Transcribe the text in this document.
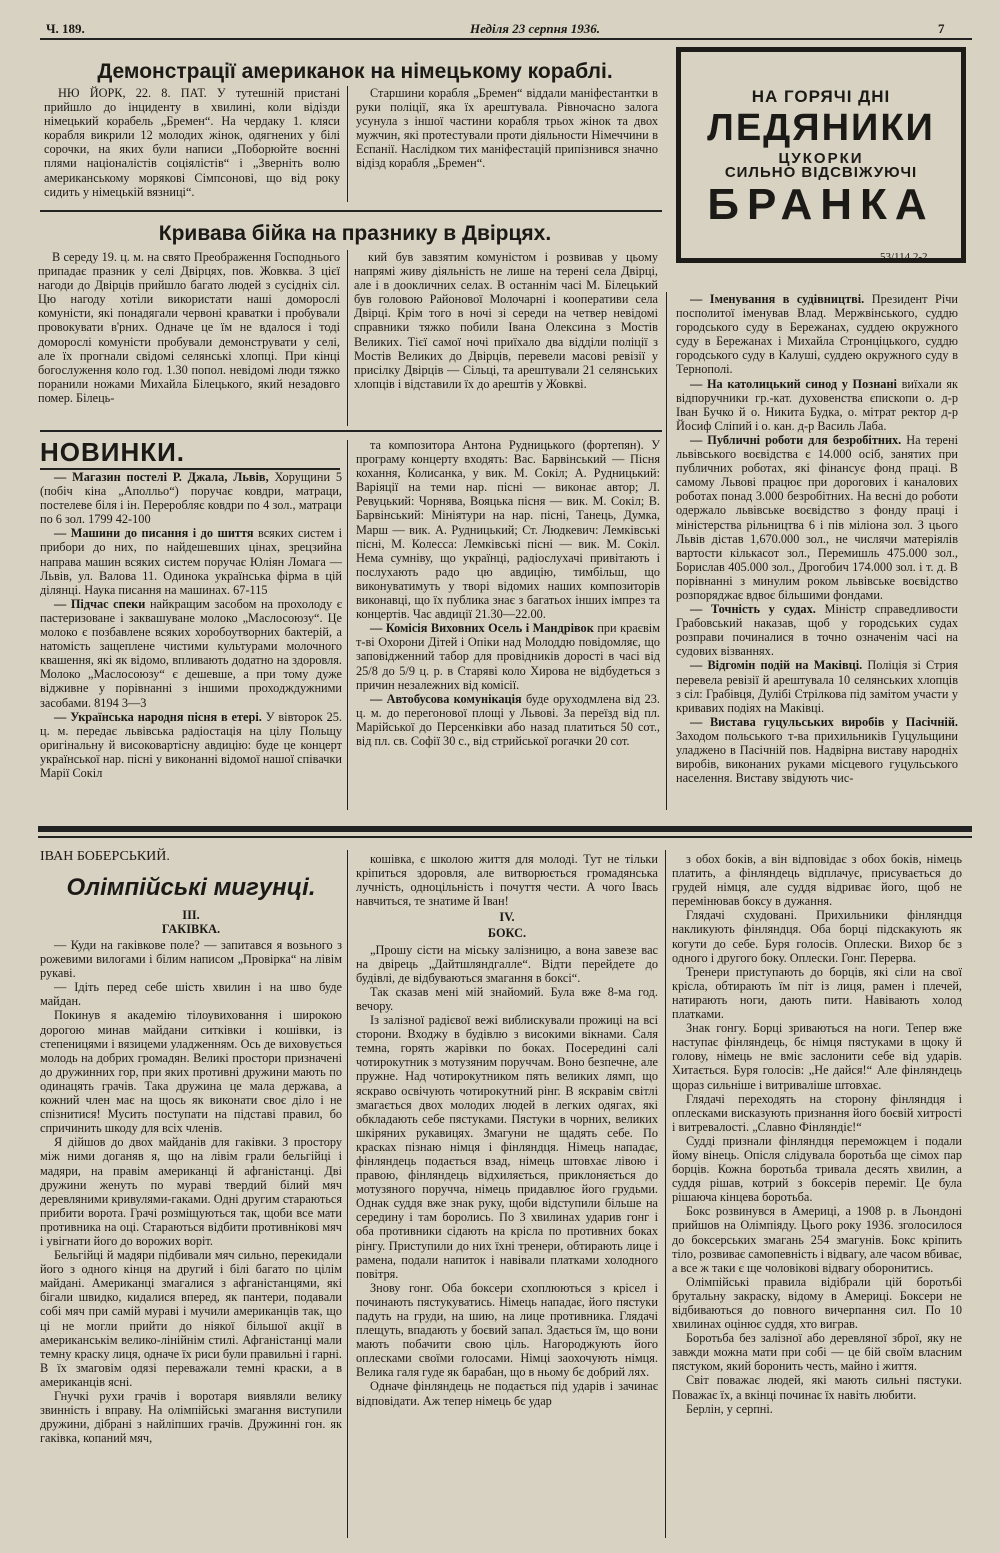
Ч. 189.	Неділя 23 серпня 1936.	7
Демонстрації американок на німецькому кораблі.

НЮ ЙОРК, 22. 8. ПАТ. У тутешній пристані прийшло до інциденту в хвилині, коли відізди німецький корабель „Бремен“. На чердаку 1. кляси корабля викрили 12 молодих жінок, одягнених у білі сорочки, на яких були написи „Поборюйте воєнні плями націоналістів соціялістів“ і „Зверніть волю американському морякові Сімпсонові, що від року сидить у німецькій вязниці“.

Старшини корабля „Бремен“ віддали маніфестантки в руки поліції, яка їх арештувала. Рівночасно залога усунула з іншої частини корабля трьох жінок та двох мужчин, які протестували проти діяльности Німеччини в Еспанії. Наслідком тих маніфестацій припізнився значно відізд корабля „Бремен“.

Кривава бійка на празнику в Двірцях.

В середу 19. ц. м. на свято Преображення Господнього припадає празник у селі Двірцях, пов. Жовква. З цієї нагоди до Двірців прийшло багато людей з сусідніх сіл. Цю нагоду хотіли використати наші доморослі комуністи, які понадягали червоні краватки і пробували провокувати в'рних. Одначе це їм не вдалося і тоді доморослі комуністи пробували демонструвати у селі, але їх прогнали свідомі селянські хлопці. При кінці богослуження коло год. 1.30 попол. невідомі люди тяжко поранили ножами Михайла Білецького, який незадовго помер. Білець-

кий був завзятим комуністом і розвивав у цьому напрямі живу діяльність не лише на терені села Двірці, але і в доокличних селах. В останнім часі М. Білецький був головою Районової Молочарні і кооперативи села Двірці. Крім того в ночі зі середи на четвер невідомі справники тяжко побили Івана Олексина з Мостів Великих. Тієї самої ночі приїхало два відділи поліції з Мостів Великих до Двірців, перевели масові ревізії у присілку Двірців — Сільці, та арештували 21 селянських хлопців і відставили їх до арештів у Жовкві.

НА ГОРЯЧІ ДНІ
ЛЕДЯНИКИ
ЦУКОРКИ
СИЛЬНО ВІДСВІЖУЮЧІ
БРАНКА
53/114 2-2

— Іменування в судівництві. Президент Річи посполитої іменував Влад. Мержвінського, суддю городського суду в Бережанах, суддею окружного суду в Бережанах і Михайла Стронціцького, суддю городського суду в Калуші, суддею окружного суду в Тернополі.

— На католицький синод у Познані виїхали як відпоручники гр.-кат. духовенства єпископи о. д-р Іван Бучко й о. Никита Будка, о. мітрат ректор д-р Йосиф Сліпий і о. кан. д-р Василь Лаба.

— Публичні роботи для безробітних. На терені львівського воєвідства є 14.000 осіб, занятих при публичних роботах, які фінансує фонд праці. В самому Львові працює при дорогових і каналових роботах понад 3.000 безробітних. На весні до роботи одержало львівське воєвідство з фонду праці і міністерства рільництва 6 і пів міліона зол. З цього Львів дістав 1,670.000 зол., не числячи матеріялів вартости кількасот зол., Перемишль 475.000 зол., Борислав 405.000 зол., Дрогобич 174.000 зол. і т. д. В порівнанні з минулим роком львівське воєвідство розпоряджає вдвоє більшими фондами.

— Точність у судах. Міністр справедливости Грабовський наказав, щоб у городських судах розправи починалися в точно означенім часі на судових візваннях.

— Відгомін подій на Маківці. Поліція зі Стрия перевела ревізії й арештувала 10 селянських хлопців з сіл: Грабівця, Дулібі Стрілкова під замітом участи у кривавих подіях на Маківці.

— Вистава гуцульських виробів у Пасічній. Заходом польського т-ва прихильників Гуцульщини уладжено в Пасічній пов. Надвірна виставу народніх виробів, виконаних руками місцевого гуцульського населення. Виставу звідують чис-

НОВИНКИ.

— Магазин постелі Р. Джала, Львів, Хорущини 5 (побіч кіна „Аполльо“) поручає ковдри, матраци, постелеве біля і ін. Переробляє ковдри по 4 зол., матраци по 6 зол. 1799 42-100

— Машини до писання і до шиття всяких систем і прибори до них, по найдешевших цінах, зрецзийна направа машин всяких систем поручає Юліян Ломага — Львів, ул. Валова 11. Одинока українська фірма в цій ділянці. Наука писання на машинах. 67-115

— Підчас спеки найкращим засобом на прохолоду є пастеризоване і заквашуване молоко „Маслосоюзу“. Це молоко є позбавлене всяких хоробоутворних бактерій, а натомість защеплене чистими культурами молочного квашення, які як відомо, впливають додатно на здоровля. Молоко „Маслосоюзу“ є дешевше, а при тому дуже відживне у порівнанні з іншими проходждужними засобами. 8194 3—3

— Українська народня пісня в етері. У вівторок 25. ц. м. передає львівська радіостація на цілу Польщу оригінальну й високовартісну авдицію: буде це концерт української нар. пісні у виконанні відомої нашої співачки Марії Сокіл

та композитора Антона Рудницького (фортепян). У програму концерту входять: Вас. Барвінський — Пісня кохання, Колисанка, у вик. М. Сокіл; А. Рудницький: Варіяції на теми нар. пісні — виконає автор; Л. Ревуцький: Чорнява, Вояцька пісня — вик. М. Сокіл; В. Барвінський: Мініятури на нар. пісні, Танець, Думка, Марш — вик. А. Рудницький; Ст. Людкевич: Лемківські пісні, М. Колесса: Лемківські пісні — вик. М. Сокіл. Нема сумніву, що українці, радіослухачі привітають і послухають радо цю авдицію, тимбільш, що виконуватимуть у творі відомих наших композиторів виконавці, що їх публика знає з багатьох інших імпрез та концертів. Час авдиції 21.30—22.00.

— Комісія Виховних Осель і Мандрівок при краєвім т-ві Охорони Дітей і Опіки над Молоддю повідомляє, що заповідженний табор для провідників дорості в часі від 25/8 до 5/9 ц. р. в Старяві коло Хирова не відбудеться з причин незалежних від комісії.

— Автобусова комунікація буде оруходмлена від 23. ц. м. до перегонової площі у Львові. За переїзд від пл. Марійської до Персенківки або назад платиться 50 сот., від пл. св. Софії 30 с., від стрийської рогачки 20 сот.

ІВАН БОБЕРСЬКИЙ.
Олімпійські мигунці.
III.
ГАКІВКА.

— Куди на гаківкове поле? — запитався я возьного з рожевими вилогами і білим написом „Провірка“ на лівім рукаві.

— Ідіть перед себе шість хвилин і на шво буде майдан.

Покинув я академію тілоувиховання і широкою дорогою минав майдани ситківки і кошівки, із степеницями і вязицеми уладженням. Ось де виховується молодь на добрих громадян. Великі простори призначені до дружинних гор, при яких противні дружини мають по одинацять грачів. Така дружина це мала держава, а кожний член має на щось як виконати своє діло і не спізнитися! Мусить поступати на підставі правил, бо спричинить шкоду для всіх членів.

Я дійшов до двох майданів для гаківки. З простору між ними доганяв я, що на лівім грали бельгійці і мадяри, на правім американці й афганістанці. Дві дружини женуть по мураві твердий білий мяч деревляними кривулями-гаками. Одні другим стараються прибити ворота. Грачі розміщуються так, щоби все мати противника на оці. Стараються відбити противнікові мяч і увігнати його до ворожих воріт.

Бельгійці й мадяри підбивали мяч сильно, перекидали його з одного кінця на другий і білі багато по цілім майдані. Американці змагалися з афганістанцями, які бігали швидко, кидалися вперед, як пантери, подавали собі мяч при самій мураві і мучили американців так, що ці не могли прийти до ніякої більшої акції в американськім велико-лінійнім стилі. Афганістанці мали темну краску лиця, одначе їх риси були правильні і гарні. В їх змаговім одязі переважали темні краски, а в американців ясні.

Гнучкі рухи грачів і воротаря виявляли велику звинність і вправу. На олімпійські змагання виступили дружини, дібрані з найліпших грачів. Дружинні гон. як гаківка, копаний мяч,

кошівка, є школою життя для молоді. Тут не тільки кріпиться здоровля, але витворюється громадянська лучність, одноцільність і почуття чести. А чого Івась навчиться, те знатиме й Іван!

IV.

БОКС.

„Прошу сісти на міську залізницю, а вона завезе вас на двірець „Дайтшляндгалле“. Відти перейдете до будівлі, де відбуваються змагання в боксі“.

Так сказав мені мій знайомий. Була вже 8-ма год. вечору.

Із залізної радієвої вежі виблискували прожиці на всі сторони. Входжу в будівлю з високими вікнами. Саля темна, горять жарівки по боках. Посередині салі чотирокутник з мотузяним поруччам. Воно безпечне, але пружне. Над чотирокутником пять великих лямп, що яскраво освічують чотирокутний рінг. В яскравім світлі змагається двох молодих людей в легких одягах, які обкладають себе пястуками. Пястуки в чорних, великих шкіряних рукавицях. Змагуни не щадять себе. По красках пізнаю німця і фінляндця. Німець нападає, фінляндець подається взад, німець штовхає лівою і правою, фінляндець відхиляється, приклоняється до мотузяного поручча, німець придавлює його грудьми. Однак суддя вже знак руку, щоби відступили більше на середину і там боролись. По 3 хвилинах ударив гонг і оба противники сідають на крісла по противних боках рінгу. Приступили до них їхні тренери, обтирають лице і рамена, подали напиток і навівали платками холодного повітря.

Знову гонг. Оба боксери схоплюються з крісел і починають пястукуватись. Німець нападає, його пястуки падуть на груди, на шию, на лице противника. Глядачі плещуть, впадають у боєвий запал. Здається їм, що вони мають побачити свою ціль. Нагороджують його оплесками своїми голосами. Німці заохочують німця. Велика галя гуде як барабан, що в ньому бє добрий лях.

Одначе фінляндець не подається під ударів і зачинає відповідати. Аж тепер німець бє удар

з обох боків, а він відповідає з обох боків, німець платить, а фінляндець відплачує, присувається до грудей німця, але суддя відриває його, щоб не перемінював боксу в дужання.

Глядачі схудовані. Прихильники фінляндця накликують фінляндця. Оба борці підскакують як когути до себе. Буря голосів. Оплески. Вихор бє з одного і другого боку. Оплески. Гонг. Перерва.

Тренери приступають до борців, які сіли на свої крісла, обтирають їм піт із лиця, рамен і плечей, натирають ноги, дають пити. Навівають холод платками.

Знак гонгу. Борці зриваються на ноги. Тепер вже наступає фінляндець, бє німця пястуками в щоку й голову, німець не вміє заслонити себе від ударів. Хитається. Буря голосів: „Не дайся!“ Але фінляндець щораз сильніше і витриваліше штовхає.

Глядачі переходять на сторону фінляндця і оплесками висказують признання його боєвій хитрості і витревалості. „Славно Фінляндіє!“

Судді признали фінляндця переможцем і подали йому вінець. Опісля слідувала боротьба ще сімох пар борців. Кожна боротьба тривала десять хвилин, а суддя рішав, котрий з боксерів переміг. Це була рішаюча кінцева боротьба.

Бокс розвинувся в Америці, а 1908 р. в Льондоні прийшов на Олімпіяду. Цього року 1936. зголосилося до боксерських змагань 254 змагунів. Бокс кріпить тіло, розвиває самопевність і відвагу, але часом вбиває, а все ж таки є ще чоловікові відвагу оборонитись.

Олімпійські правила відібрали цій боротьбі брутальну закраску, відому в Америці. Боксери не відбиваються до повного вичерпання сил. По 10 хвилинах оцінює суддя, хто виграв.

Боротьба без залізної або деревляної зброї, яку не завжди можна мати при собі — це бій своїм власним пястуком, який боронить честь, майно і життя.

Світ поважає людей, які мають сильні пястуки. Поважає їх, а вкінці починає їх навіть любити.

Берлін, у серпні.
